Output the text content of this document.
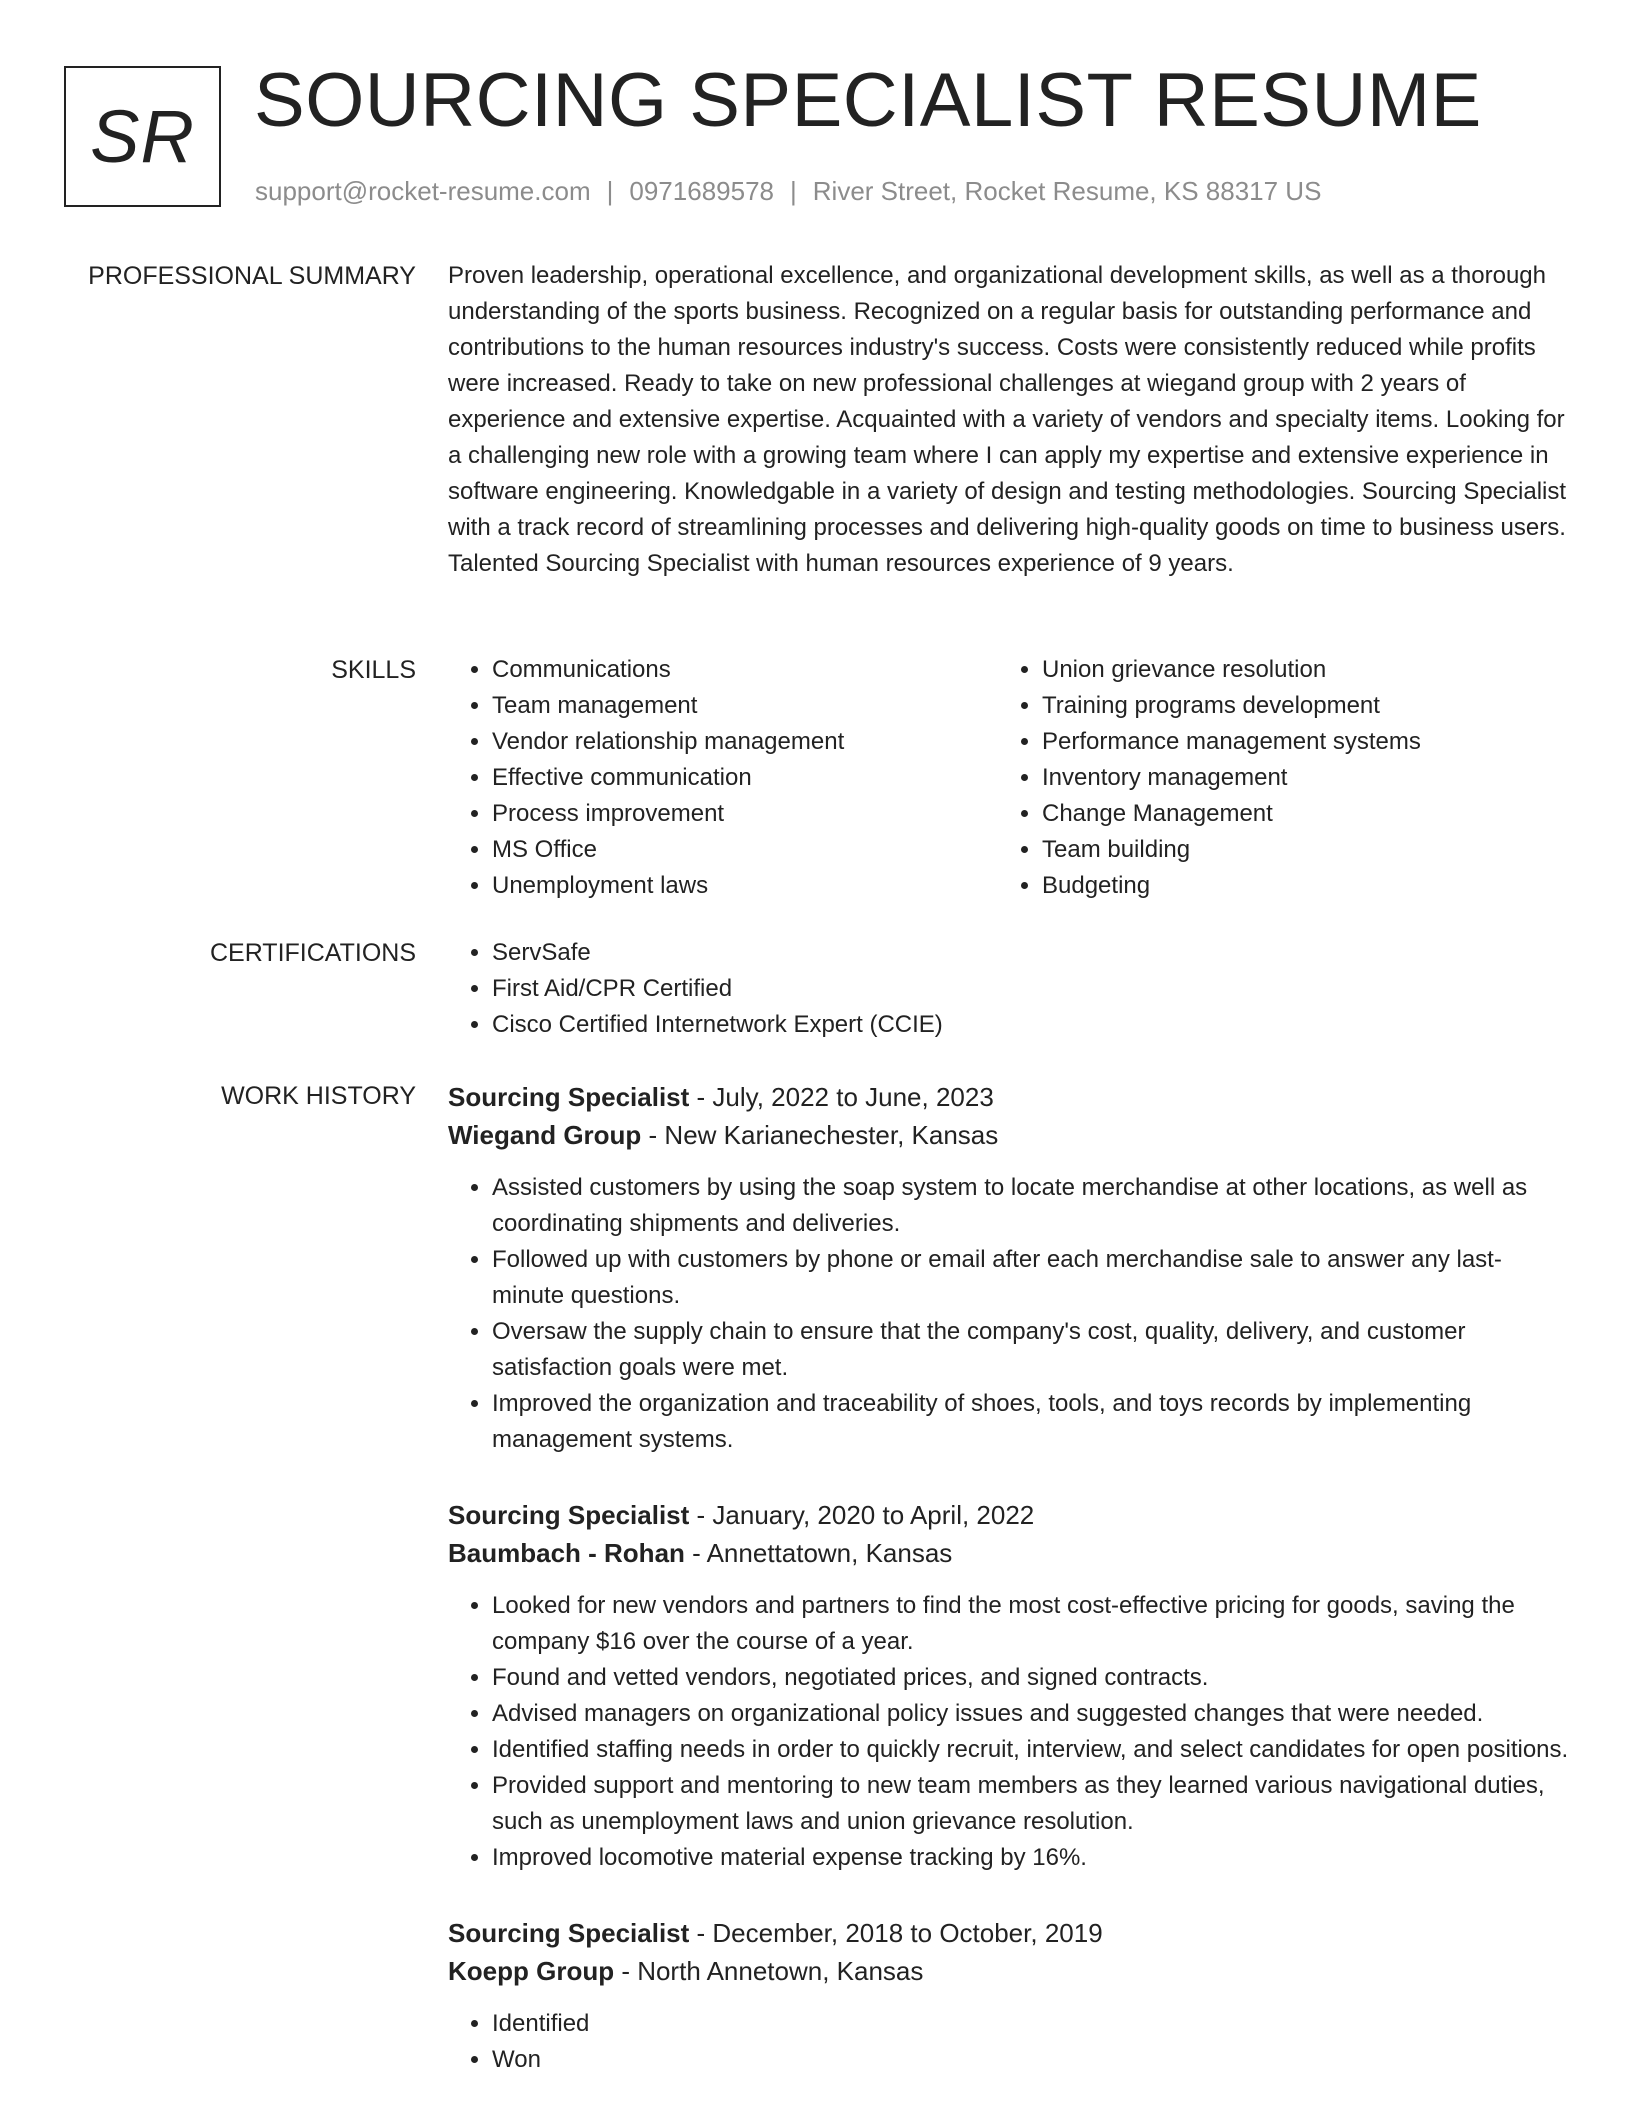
SR SOURCING SPECIALIST RESUME
support@rocket-resume.com | 0971689578 | River Street, Rocket Resume, KS 88317 US
PROFESSIONAL SUMMARY Proven leadership, operational excellence, and organizational development skills, as well as a thorough understanding of the sports business. Recognized on a regular basis for outstanding performance and contributions to the human resources industry's success. Costs were consistently reduced while profits were increased. Ready to take on new professional challenges at wiegand group with 2 years of experience and extensive expertise. Acquainted with a variety of vendors and specialty items. Looking for a challenging new role with a growing team where I can apply my expertise and extensive experience in software engineering. Knowledgable in a variety of design and testing methodologies. Sourcing Specialist with a track record of streamlining processes and delivering high-quality goods on time to business users. Talented Sourcing Specialist with human resources experience of 9 years.

SKILLS	• Communications
• Team management
• Vendor relationship management
• Effective communication
• Process improvement
• MS Office
• Unemployment laws
• Union grievance resolution
• Training programs development
• Performance management systems
• Inventory management
• Change Management
• Team building
• Budgeting
CERTIFICATIONS	• ServSafe
• First Aid/CPR Certified
• Cisco Certified Internetwork Expert (CCIE)
WORK HISTORY Sourcing Specialist - July, 2022 to June, 2023
Wiegand Group - New Karianechester, Kansas
• Assisted customers by using the soap system to locate merchandise at other locations, as well as coordinating shipments and deliveries.
• Followed up with customers by phone or email after each merchandise sale to answer any last-minute questions.
• Oversaw the supply chain to ensure that the company's cost, quality, delivery, and customer satisfaction goals were met.
• Improved the organization and traceability of shoes, tools, and toys records by implementing management systems.
Sourcing Specialist - January, 2020 to April, 2022
Baumbach - Rohan - Annettatown, Kansas
• Looked for new vendors and partners to find the most cost-effective pricing for goods, saving the company $16 over the course of a year.
• Found and vetted vendors, negotiated prices, and signed contracts.
• Advised managers on organizational policy issues and suggested changes that were needed.
• Identified staffing needs in order to quickly recruit, interview, and select candidates for open positions.
• Provided support and mentoring to new team members as they learned various navigational duties, such as unemployment laws and union grievance resolution.
• Improved locomotive material expense tracking by 16%.
Sourcing Specialist - December, 2018 to October, 2019
Koepp Group - North Annetown, Kansas
• Identified
• Won
